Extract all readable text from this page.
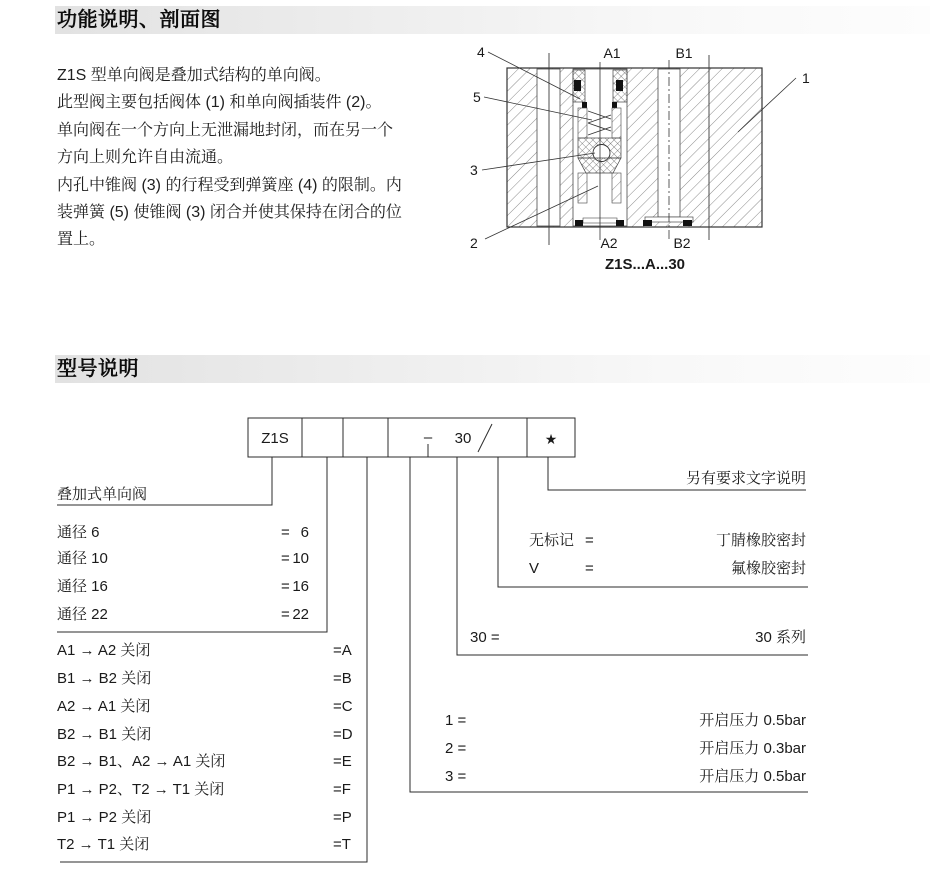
功能说明、剖面图
Z1S 型单向阀是叠加式结构的单向阀。
此型阀主要包括阀体 (1) 和单向阀插装件 (2)。
单向阀在一个方向上无泄漏地封闭，而在另一个
方向上则允许自由流通。
内孔中锥阀 (3) 的行程受到弹簧座 (4) 的限制。内
装弹簧 (5) 使锥阀 (3) 闭合并使其保持在闭合的位
置上。
A1	B1
A2	B2
4
5
3
2
1
Z1S...A...30
型号说明
Z1S	– 30	★
叠加式单向阀
通径 6	= 6
通径 10	= 10
通径 16	= 16
通径 22	= 22
A1 → A2 关闭	=A
B1 → B2 关闭	=B
A2 → A1 关闭	=C
B2 → B1 关闭	=D
B2 → B1、A2 → A1 关闭	=E
P1 → P2、T2 → T1 关闭	=F
P1 → P2 关闭	=P
T2 → T1 关闭	=T
另有要求文字说明
无标记 =	丁腈橡胶密封
V	=	氟橡胶密封
30 =	30 系列
1 =	开启压力 0.5bar
2 =	开启压力 0.3bar
3 =	开启压力 0.5bar
